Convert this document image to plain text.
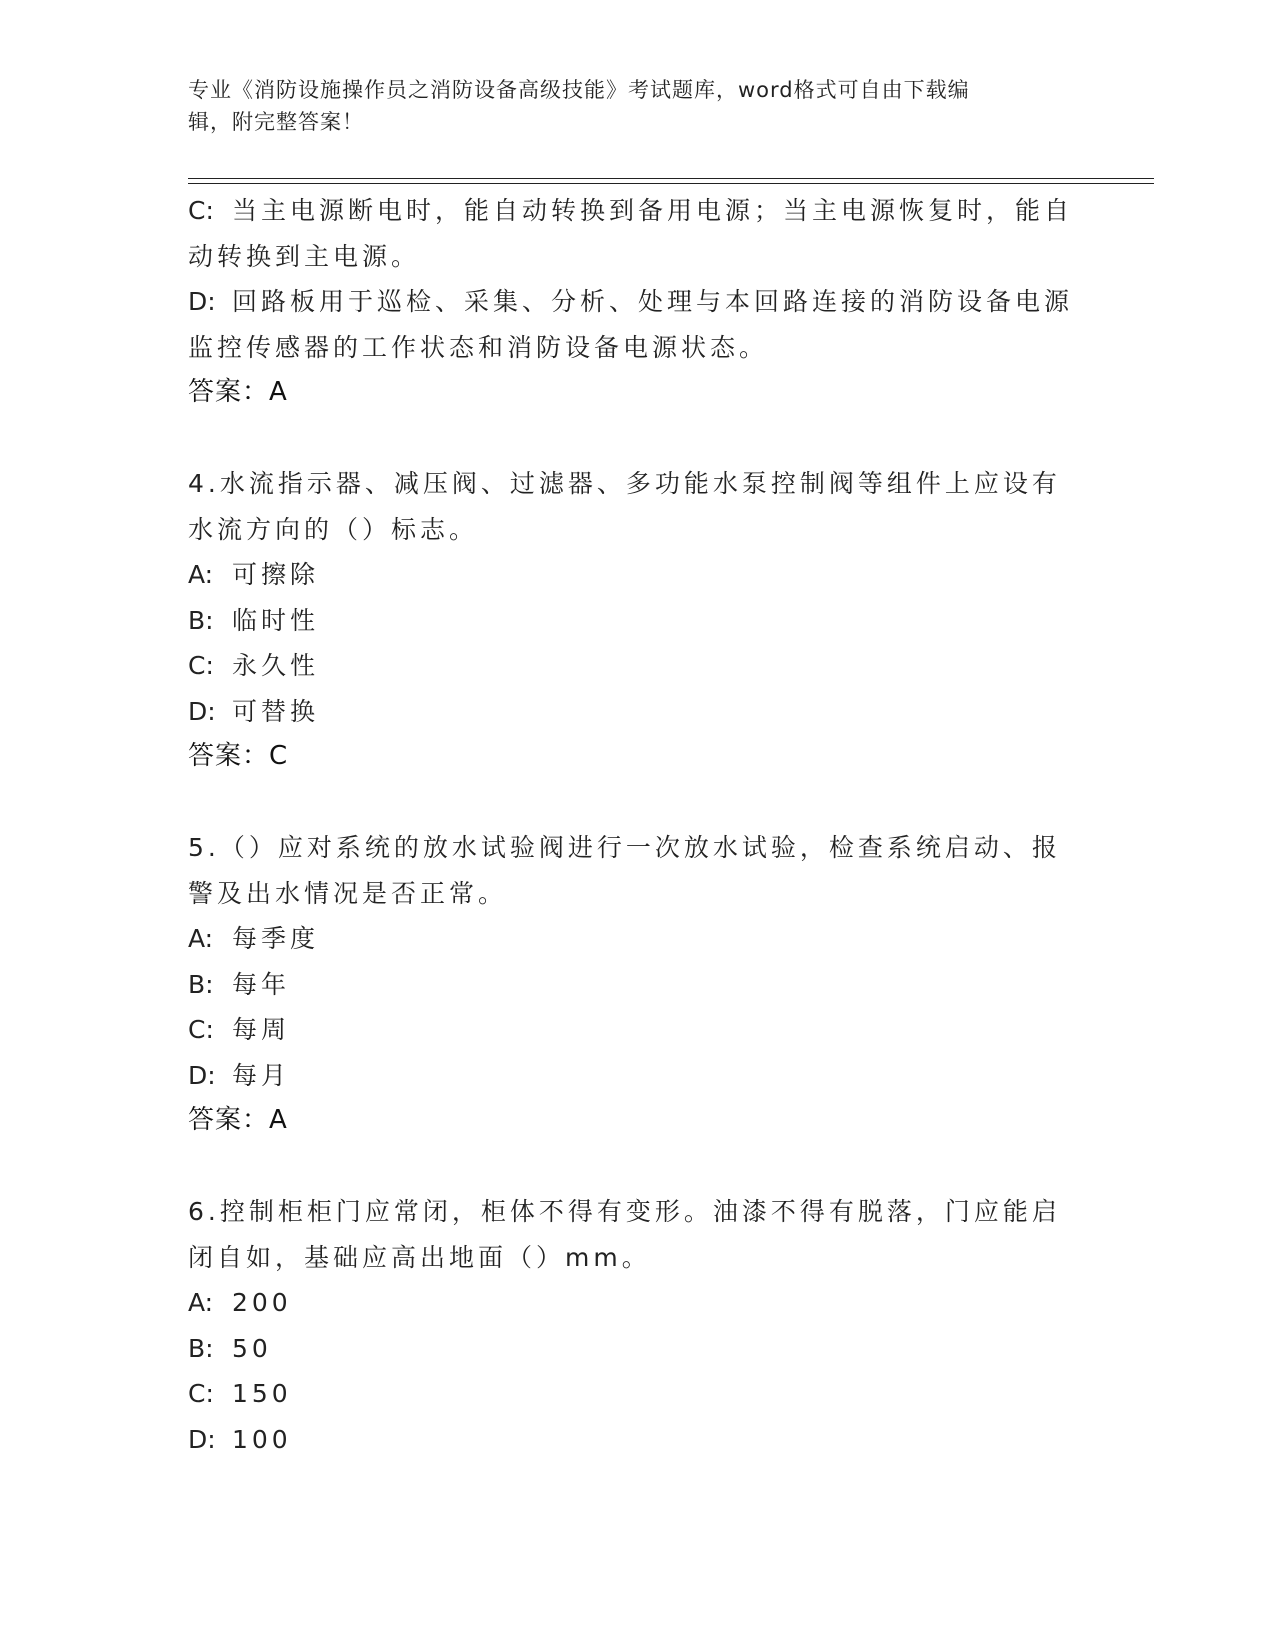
专业《消防设施操作员之消防设备高级技能》考试题库，word格式可自由下载编
辑，附完整答案！
C: 当主电源断电时，能自动转换到备用电源；当主电源恢复时，能自
动转换到主电源。
D: 回路板用于巡检、采集、分析、处理与本回路连接的消防设备电源
监控传感器的工作状态和消防设备电源状态。
答案：A
4.水流指示器、减压阀、过滤器、多功能水泵控制阀等组件上应设有
水流方向的（）标志。
A: 可擦除
B: 临时性
C: 永久性
D: 可替换
答案：C
5.（）应对系统的放水试验阀进行一次放水试验，检查系统启动、报
警及出水情况是否正常。
A: 每季度
B: 每年
C: 每周
D: 每月
答案：A
6.控制柜柜门应常闭，柜体不得有变形。油漆不得有脱落，门应能启
闭自如，基础应高出地面（）mm。
A: 200
B: 50
C: 150
D: 100
